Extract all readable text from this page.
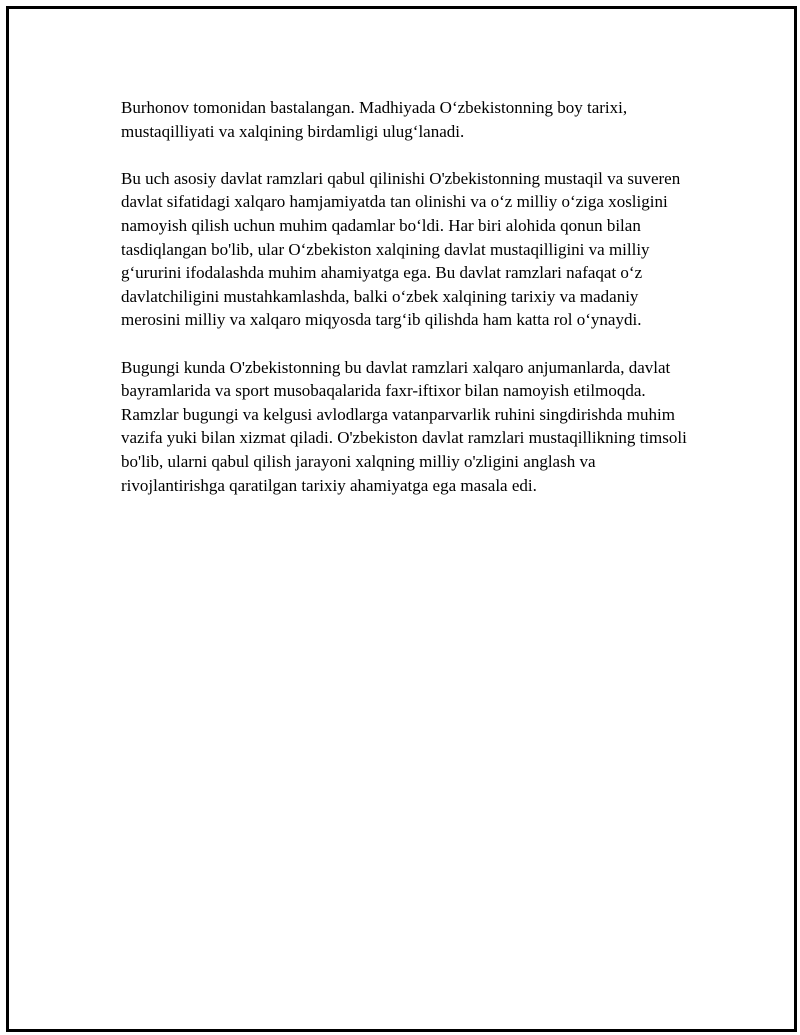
Burhonov tomonidan bastalangan. Madhiyada O‘zbekistonning boy tarixi, mustaqilliyati va xalqining birdamligi ulug‘lanadi.

Bu uch asosiy davlat ramzlari qabul qilinishi O'zbekistonning mustaqil va suveren davlat sifatidagi xalqaro hamjamiyatda tan olinishi va o‘z milliy o‘ziga xosligini namoyish qilish uchun muhim qadamlar bo‘ldi. Har biri alohida qonun bilan tasdiqlangan bo'lib, ular O‘zbekiston xalqining davlat mustaqilligini va milliy g‘ururini ifodalashda muhim ahamiyatga ega. Bu davlat ramzlari nafaqat o‘z davlatchiligini mustahkamlashda, balki o‘zbek xalqining tarixiy va madaniy merosini milliy va xalqaro miqyosda targ‘ib qilishda ham katta rol o‘ynaydi.

Bugungi kunda O'zbekistonning bu davlat ramzlari xalqaro anjumanlarda, davlat bayramlarida va sport musobaqalarida faxr-iftixor bilan namoyish etilmoqda. Ramzlar bugungi va kelgusi avlodlarga vatanparvarlik ruhini singdirishda muhim vazifa yuki bilan xizmat qiladi. O'zbekiston davlat ramzlari mustaqillikning timsoli bo'lib, ularni qabul qilish jarayoni xalqning milliy o'zligini anglash va rivojlantirishga qaratilgan tarixiy ahamiyatga ega masala edi.
